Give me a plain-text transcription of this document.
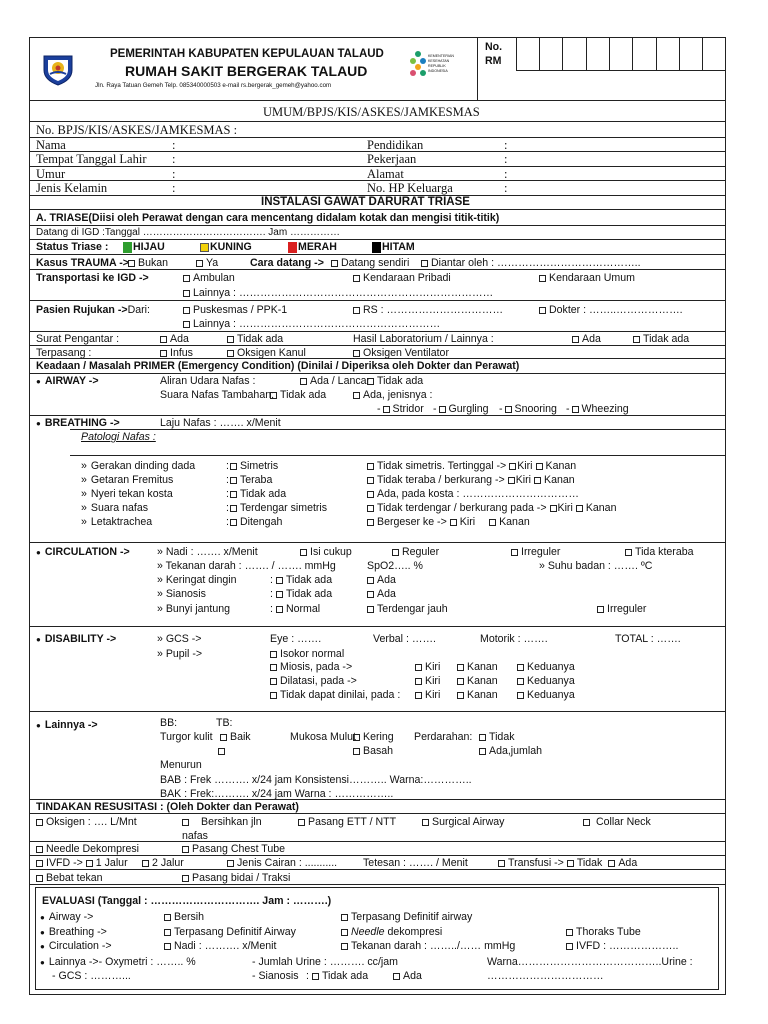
PEMERINTAH KABUPATEN KEPULAUAN TALAUD
RUMAH SAKIT BERGERAK TALAUD
Jln. Raya Tatuan Gemeh Telp. 085340000503 e-mail rs.bergerak_gemeh@yahoo.com
KEMENTERIAN KESEHATAN REPUBLIK INDONESIA
No.
RM
UMUM/BPJS/KIS/ASKES/JAMKESMAS
No. BPJS/KIS/ASKES/JAMKESMAS :
Nama	:	Pendidikan	:
Tempat Tanggal Lahir :	Pekerjaan	:
Umur	:	Alamat	:
Jenis Kelamin	:	No. HP Keluarga	:
INSTALASI GAWAT DARURAT TRIASE
A. TRIASE(Diisi oleh Perawat dengan cara mencentang didalam kotak dan mengisi titik-titik)
Datang di IGD :Tanggal ………………………………. Jam ……………
Status Triase :	HIJAU	KUNING	MERAH	HITAM
Kasus TRAUMA -> Bukan	Ya	Cara datang ->	Datang sendiri	Diantar oleh : …………………………………..
Transportasi ke IGD ->	Ambulan	Kendaraan Pribadi	Kendaraan Umum
Lainnya : ………………………………………………………………
Pasien Rujukan ->Dari:	Puskesmas / PPK-1	RS : ……………………………	Dokter : ……..……………….
Lainnya : …………………………………………………
Surat Pengantar :	Ada	Tidak ada	Hasil Laboratorium / Lainnya :	Ada	Tidak ada
Terpasang :	Infus	Oksigen Kanul	Oksigen Ventilator
Keadaan / Masalah PRIMER (Emergency Condition) (Dinilai / Diperiksa oleh Dokter dan Perawat)
● AIRWAY ->	Aliran Udara Nafas :	Ada / Lancar Tidak ada
Suara Nafas Tambahan: Tidak ada	Ada, jenisnya :
- Stridor - Gurgling - Snooring - Wheezing
● BREATHING ->	Laju Nafas : ……. x/Menit
Patologi Nafas :
» Gerakan dinding dada	: Simetris	Tidak simetris. Tertinggal -> Kiri Kanan
» Getaran Fremitus	: Teraba	Tidak teraba / berkurang -> Kiri Kanan
» Nyeri tekan kosta	: Tidak ada	Ada, pada kosta : ……………………………
» Suara nafas	: Terdengar simetris	Tidak terdengar / berkurang pada -> Kiri Kanan
» Letaktrachea	: Ditengah	Bergeser ke -> Kiri Kanan
● CIRCULATION ->	» Nadi : ……. x/Menit	Isi cukup	Reguler	Irreguler	Tida kteraba
» Tekanan darah : ……. / ……. mmHg	SpO2….. %	» Suhu badan : ……. ºC
» Keringat dingin	: Tidak ada	Ada
» Sianosis	: Tidak ada	Ada
» Bunyi jantung	: Normal	Terdengar jauh	Irreguler
● DISABILITY ->	» GCS ->	Eye : …….	Verbal : …….	Motorik : …….	TOTAL : …….
» Pupil ->	Isokor normal
Miosis, pada ->	Kiri	Kanan	Keduanya
Dilatasi, pada ->	Kiri	Kanan	Keduanya
Tidak dapat dinilai, pada :	Kiri	Kanan	Keduanya
● Lainnya ->	BB:	TB:
Turgor kulit	Baik
Menurun
Mukosa Mulut Kering
Basah
Perdarahan:	Tidak
Ada,jumlah
BAB : Frek ………. x/24 jam Konsistensi……….. Warna:…………..
BAK : Frek:………. x/24 jam Warna : ……………..
TINDAKAN RESUSITASI : (Oleh Dokter dan Perawat)
Oksigen : …. L/Mnt	Bersihkan jln
nafas
Pasang ETT / NTT	Surgical Airway	Collar Neck
Needle Dekompresi	Pasang Chest Tube
IVFD -> 1 Jalur	2 Jalur	Jenis Cairan : ........... Tetesan : ……. / Menit	Transfusi -> Tidak Ada
Bebat tekan	Pasang bidai / Traksi
EVALUASI (Tanggal : …………………………. Jam : ……….)
● Airway ->	Bersih	Terpasang Definitif airway
● Breathing ->	Terpasang Definitif Airway	Needle dekompresi	Thoraks Tube
● Circulation ->	Nadi : ………. x/Menit	Tekanan darah : ……../…… mmHg	IVFD : ………………..
● Lainnya ->- Oxymetri : …….. %	- Jumlah Urine : ………. cc/jam	Warna…………………………………..Urine :
- GCS : ………...	- Sianosis : Tidak ada	Ada	……………………………
